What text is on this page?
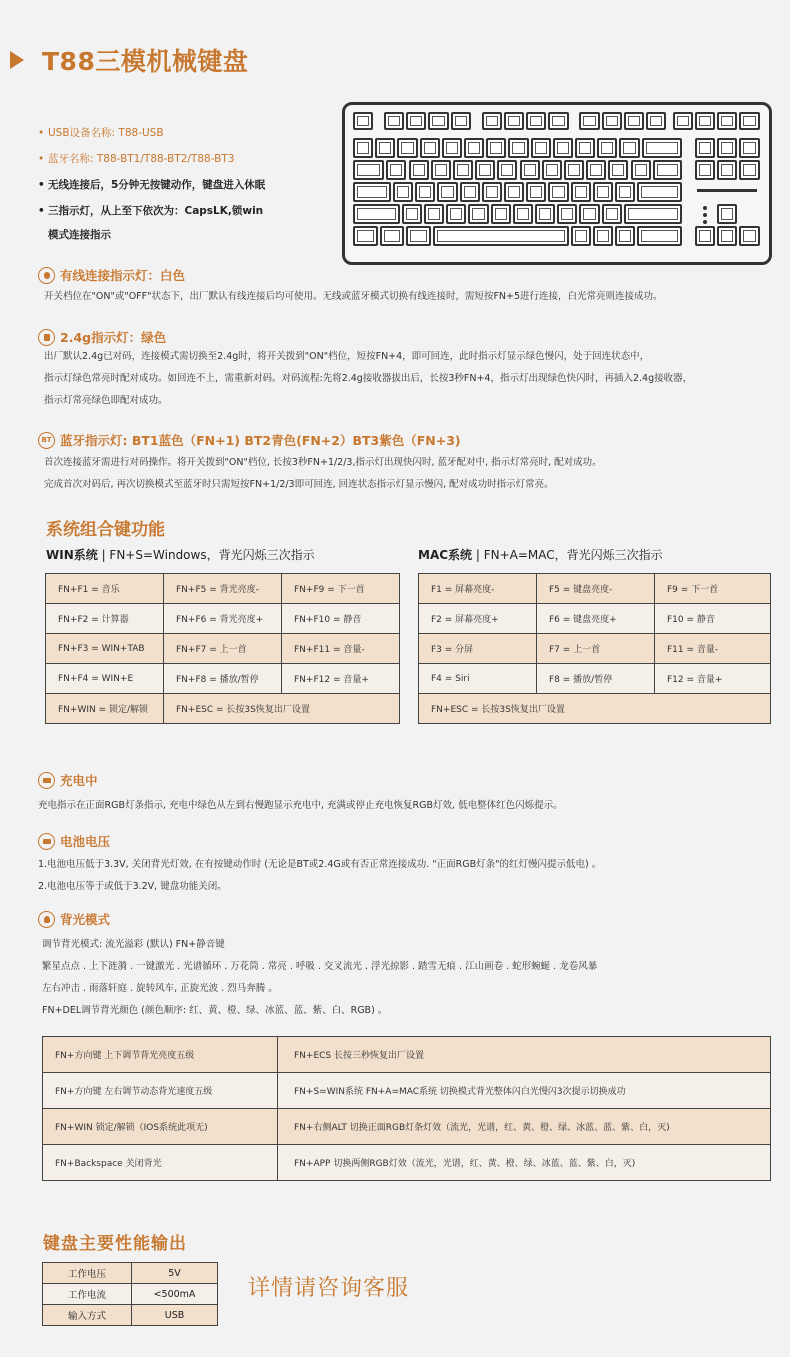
T88三模机械键盘
• USB设备名称: T88-USB
• 蓝牙名称: T88-BT1/T88-BT2/T88-BT3
• 无线连接后，5分钟无按键动作，键盘进入休眠
• 三指示灯，从上至下依次为：CapsLK,锁win
模式连接指示
有线连接指示灯：白色
开关档位在"ON"或"OFF"状态下，出厂默认有线连接后均可使用。无线或蓝牙模式切换有线连接时，需短按FN+5进行连接，白光常亮则连接成功。
2.4g指示灯：绿色
出厂默认2.4g已对码，连接模式需切换至2.4g时，将开关拨到"ON"档位，短按FN+4，即可回连，此时指示灯显示绿色慢闪，处于回连状态中，
指示灯绿色常亮时配对成功。如回连不上，需重新对码。对码流程:先将2.4g接收器拔出后，长按3秒FN+4，指示灯出现绿色快闪时，再插入2.4g接收器，
指示灯常亮绿色即配对成功。
BT 蓝牙指示灯: BT1蓝色（FN+1) BT2青色(FN+2）BT3紫色（FN+3)
首次连接蓝牙需进行对码操作。将开关拨到"ON"档位, 长按3秒FN+1/2/3,指示灯出现快闪时, 蓝牙配对中, 指示灯常亮时, 配对成功。
完成首次对码后, 再次切换模式至蓝牙时只需短按FN+1/2/3即可回连, 回连状态指示灯显示慢闪, 配对成功时指示灯常亮。
系统组合键功能
WIN系统 | FN+S=Windows，背光闪烁三次指示	MAC系统 | FN+A=MAC，背光闪烁三次指示
FN+F1 = 音乐	FN+F5 = 背光亮度-	FN+F9 = 下一首
FN+F2 = 计算器	FN+F6 = 背光亮度+	FN+F10 = 静音
FN+F3 = WIN+TAB	FN+F7 = 上一首	FN+F11 = 音量-
FN+F4 = WIN+E	FN+F8 = 播放/暂停	FN+F12 = 音量+
FN+WIN = 锁定/解锁	FN+ESC = 长按3S恢复出厂设置	
F1 = 屏幕亮度-	F5 = 键盘亮度-	F9 = 下一首
F2 = 屏幕亮度+	F6 = 键盘亮度+	F10 = 静音
F3 = 分屏	F7 = 上一首	F11 = 音量-
F4 = Siri	F8 = 播放/暂停	F12 = 音量+
FN+ESC = 长按3S恢复出厂设置		
充电中
充电指示在正面RGB灯条指示, 充电中绿色从左到右慢跑显示充电中, 充满或停止充电恢复RGB灯效, 低电整体红色闪烁提示。
电池电压
1.电池电压低于3.3V, 关闭背光灯效, 在有按键动作时 (无论是BT或2.4G或有否正常连接成功. "正面RGB灯条"的红灯慢闪提示低电) 。
2.电池电压等于或低于3.2V, 键盘功能关闭。
背光模式
调节背光模式: 流光溢彩 (默认) FN+静音键
繁星点点 . 上下涟漪 . 一键激光 . 光谱循环 . 万花筒 . 常亮 . 呼吸 . 交叉流光 . 浮光掠影 . 踏雪无痕 . 江山画卷 . 蛇形蜿蜒 . 龙卷风暴
左右冲击 . 雨落轩庭 . 旋转风车, 正旋光波 . 烈马奔腾 。
FN+DEL调节背光颜色 (颜色顺序: 红、黄、橙、绿、冰蓝、蓝、紫、白、RGB) 。
FN+方向键 上下调节背光亮度五级	FN+ECS 长按三秒恢复出厂设置
FN+方向键 左右调节动态背光速度五级	FN+S=WIN系统 FN+A=MAC系统 切换模式背光整体闪白光慢闪3次提示切换成功
FN+WIN 锁定/解锁（IOS系统此项无)	FN+右侧ALT 切换正面RGB灯条灯效（流光，光谱，红、黄、橙、绿、冰蓝、蓝、紫、白，灭)
FN+Backspace 关闭背光	FN+APP 切换两侧RGB灯效（流光，光谱，红、黄、橙、绿、冰蓝、蓝、紫、白，灭)
键盘主要性能输出
工作电压	5V
工作电流	<500mA
输入方式	USB
详情请咨询客服
